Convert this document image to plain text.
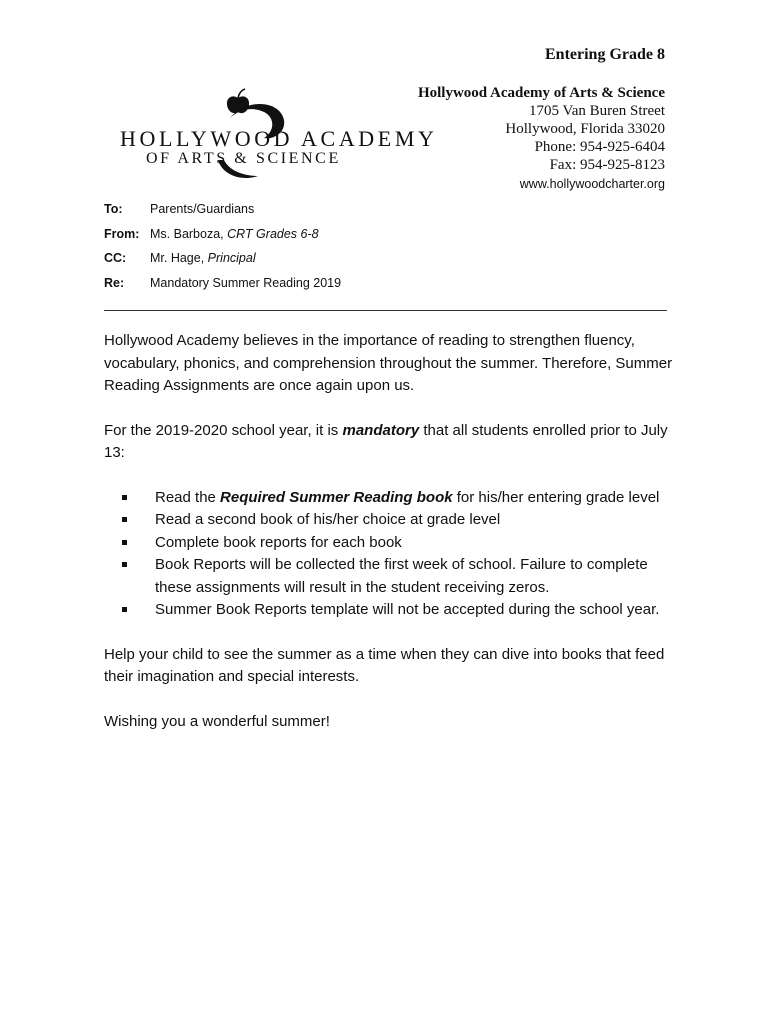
Entering Grade 8
Hollywood Academy of Arts & Science
1705 Van Buren Street
Hollywood, Florida 33020
Phone: 954-925-6404
Fax: 954-925-8123
www.hollywoodcharter.org
HOLLYWOOD ACADEMY
OF ARTS & SCIENCE
To: Parents/Guardians
From: Ms. Barboza, CRT Grades 6-8
CC: Mr. Hage, Principal
Re: Mandatory Summer Reading 2019

Hollywood Academy believes in the importance of reading to strengthen fluency, vocabulary, phonics, and comprehension throughout the summer. Therefore, Summer Reading Assignments are once again upon us.

For the 2019-2020 school year, it is mandatory that all students enrolled prior to July 13:

Read the Required Summer Reading book for his/her entering grade level
Read a second book of his/her choice at grade level
Complete book reports for each book
Book Reports will be collected the first week of school. Failure to complete these assignments will result in the student receiving zeros.
Summer Book Reports template will not be accepted during the school year.

Help your child to see the summer as a time when they can dive into books that feed their imagination and special interests.

Wishing you a wonderful summer!
